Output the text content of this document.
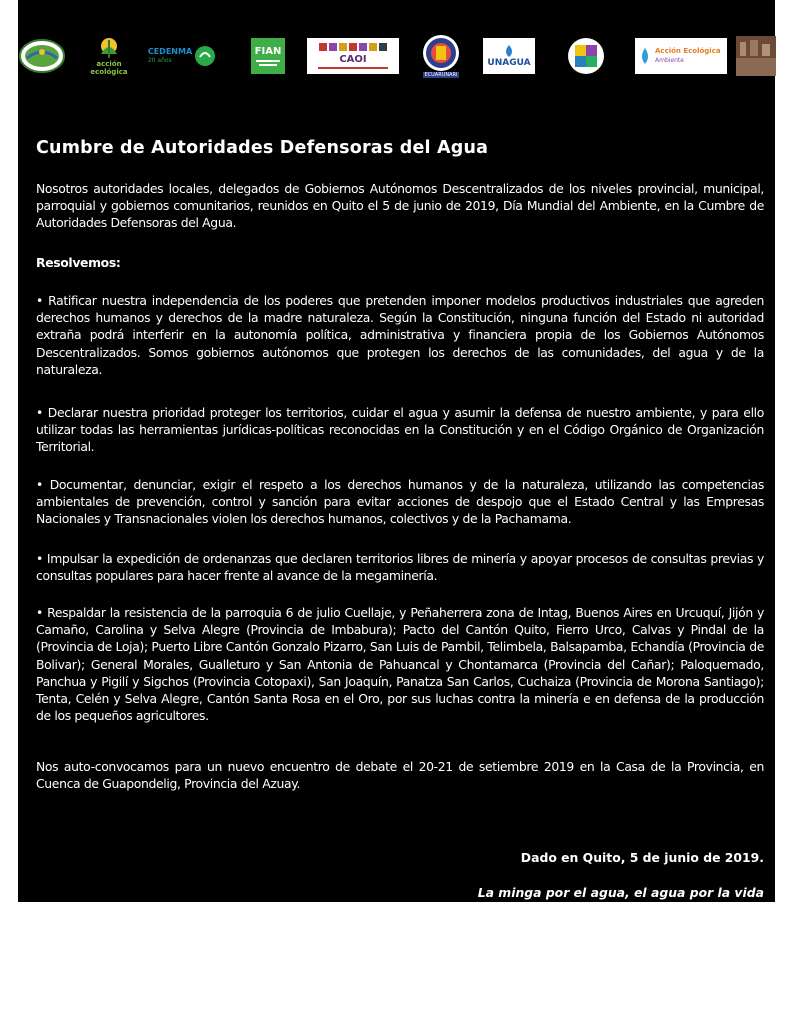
acción
ecológica
CEDENMA
20 años
FIAN
CAOI
ECUARUNARI
UNAGUA
Acción Ecológica
Ambiente
Cumbre de Autoridades Defensoras del Agua
Nosotros autoridades locales, delegados de Gobiernos Autónomos Descentralizados de los niveles provincial, municipal, parroquial y gobiernos comunitarios, reunidos en Quito el 5 de junio de 2019, Día Mundial del Ambiente, en la Cumbre de Autoridades Defensoras del Agua.
Resolvemos:
• Ratificar nuestra independencia de los poderes que pretenden imponer modelos productivos industriales que agreden derechos humanos y derechos de la madre naturaleza. Según la Constitución, ninguna función del Estado ni autoridad extraña podrá interferir en la autonomía política, administrativa y financiera propia de los Gobiernos Autónomos Descentralizados. Somos gobiernos autónomos que protegen los derechos de las comunidades, del agua y de la naturaleza.
• Declarar nuestra prioridad proteger los territorios, cuidar el agua y asumir la defensa de nuestro ambiente, y para ello utilizar todas las herramientas jurídicas-políticas reconocidas en la Constitución y en el Código Orgánico de Organización Territorial.
• Documentar, denunciar, exigir el respeto a los derechos humanos y de la naturaleza, utilizando las competencias ambientales de prevención, control y sanción para evitar acciones de despojo que el Estado Central y las Empresas Nacionales y Transnacionales violen los derechos humanos, colectivos y de la Pachamama.
• Impulsar la expedición de ordenanzas que declaren territorios libres de minería y apoyar procesos de consultas previas y consultas populares para hacer frente al avance de la megaminería.
• Respaldar la resistencia de la parroquia 6 de julio Cuellaje, y Peñaherrera zona de Intag, Buenos Aires en Urcuquí, Jijón y Camaño, Carolina y Selva Alegre (Provincia de Imbabura); Pacto del Cantón Quito, Fierro Urco, Calvas y Pindal de la (Provincia de Loja); Puerto Libre Cantón Gonzalo Pizarro, San Luis de Pambil, Telimbela, Balsapamba, Echandía (Provincia de Bolivar); General Morales, Gualleturo y San Antonia de Pahuancal y Chontamarca (Provincia del Cañar); Paloquemado, Panchua y Pigilí y Sigchos (Provincia Cotopaxi), San Joaquín, Panatza San Carlos, Cuchaiza (Provincia de Morona Santiago); Tenta, Celén y Selva Alegre, Cantón Santa Rosa en el Oro, por sus luchas contra la minería e en defensa de la producción de los pequeños agricultores.
Nos auto-convocamos para un nuevo encuentro de debate el 20-21 de setiembre 2019 en la Casa de la Provincia, en Cuenca de Guapondelig, Provincia del Azuay.
Dado en Quito, 5 de junio de 2019.
La minga por el agua, el agua por la vida
